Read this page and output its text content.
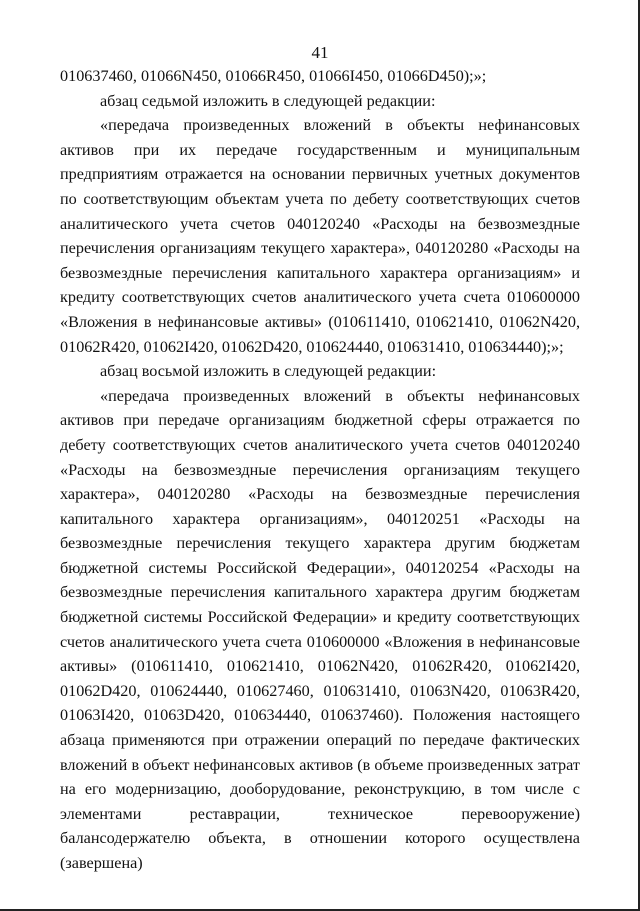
41

010637460, 01066N450, 01066R450, 01066I450, 01066D450);»;

абзац седьмой изложить в следующей редакции:

«передача произведенных вложений в объекты нефинансовых активов при их передаче государственным и муниципальным предприятиям отражается на основании первичных учетных документов по соответствующим объектам учета по дебету соответствующих счетов аналитического учета счетов 040120240 «Расходы на безвозмездные перечисления организациям текущего характера», 040120280 «Расходы на безвозмездные перечисления капитального характера организациям» и кредиту соответствующих счетов аналитического учета счета 010600000 «Вложения в нефинансовые активы» (010611410, 010621410, 01062N420, 01062R420, 01062I420, 01062D420, 010624440, 010631410, 010634440);»;

абзац восьмой изложить в следующей редакции:

«передача произведенных вложений в объекты нефинансовых активов при передаче организациям бюджетной сферы отражается по дебету соответствующих счетов аналитического учета счетов 040120240 «Расходы на безвозмездные перечисления организациям текущего характера», 040120280 «Расходы на безвозмездные перечисления капитального характера организациям», 040120251 «Расходы на безвозмездные перечисления текущего характера другим бюджетам бюджетной системы Российской Федерации», 040120254 «Расходы на безвозмездные перечисления капитального характера другим бюджетам бюджетной системы Российской Федерации» и кредиту соответствующих счетов аналитического учета счета 010600000 «Вложения в нефинансовые активы» (010611410, 010621410, 01062N420, 01062R420, 01062I420, 01062D420, 010624440, 010627460, 010631410, 01063N420, 01063R420, 01063I420, 01063D420, 010634440, 010637460). Положения настоящего абзаца применяются при отражении операций по передаче фактических вложений в объект нефинансовых активов (в объеме произведенных затрат на его модернизацию, дооборудование, реконструкцию, в том числе с элементами реставрации, техническое перевооружение) балансодержателю объекта, в отношении которого осуществлена (завершена)
